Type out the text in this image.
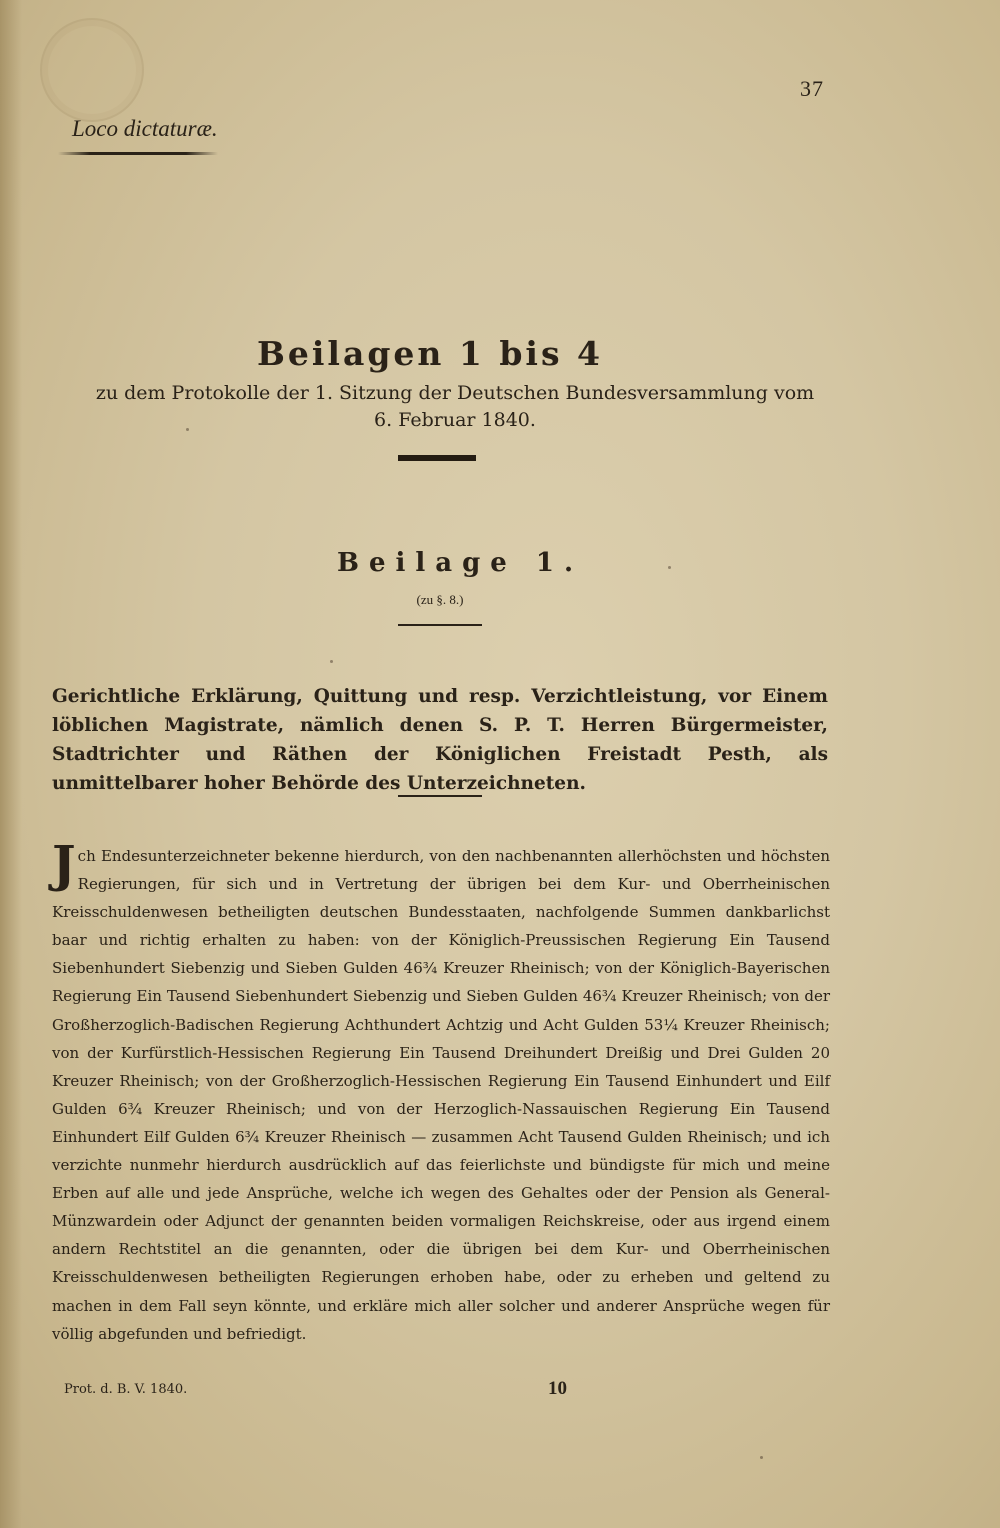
37
Loco dictaturæ.
Beilagen 1 bis 4
zu dem Protokolle der 1. Sitzung der Deutschen Bundesversammlung vom
6. Februar 1840.
Beilage 1.
(zu §. 8.)
Gerichtliche Erklärung, Quittung und resp. Verzichtleistung, vor Einem löblichen Magistrate, nämlich denen S. P. T. Herren Bürgermeister, Stadtrichter und Räthen der Königlichen Freistadt Pesth, als unmittelbarer hoher Behörde des Unterzeichneten.
Jch Endesunterzeichneter bekenne hierdurch, von den nachbenannten allerhöchsten und höchsten Regierungen, für sich und in Vertretung der übrigen bei dem Kur- und Oberrheinischen Kreisschuldenwesen betheiligten deutschen Bundesstaaten, nachfolgende Summen dankbarlichst baar und richtig erhalten zu haben: von der Königlich-Preussischen Regierung Ein Tausend Siebenhundert Siebenzig und Sieben Gulden 46¾ Kreuzer Rheinisch; von der Königlich-Bayerischen Regierung Ein Tausend Siebenhundert Siebenzig und Sieben Gulden 46¾ Kreuzer Rheinisch; von der Großherzoglich-Badischen Regierung Achthundert Achtzig und Acht Gulden 53¼ Kreuzer Rheinisch; von der Kurfürstlich-Hessischen Regierung Ein Tausend Dreihundert Dreißig und Drei Gulden 20 Kreuzer Rheinisch; von der Großherzoglich-Hessischen Regierung Ein Tausend Einhundert und Eilf Gulden 6¾ Kreuzer Rheinisch; und von der Herzoglich-Nassauischen Regierung Ein Tausend Einhundert Eilf Gulden 6¾ Kreuzer Rheinisch — zusammen Acht Tausend Gulden Rheinisch; und ich verzichte nunmehr hierdurch ausdrücklich auf das feierlichste und bündigste für mich und meine Erben auf alle und jede Ansprüche, welche ich wegen des Gehaltes oder der Pension als General-Münzwardein oder Adjunct der genannten beiden vormaligen Reichskreise, oder aus irgend einem andern Rechtstitel an die genannten, oder die übrigen bei dem Kur- und Oberrheinischen Kreisschuldenwesen betheiligten Regierungen erhoben habe, oder zu erheben und geltend zu machen in dem Fall seyn könnte, und erkläre mich aller solcher und anderer Ansprüche wegen für völlig abgefunden und befriedigt.
Prot. d. B. V. 1840.	10
